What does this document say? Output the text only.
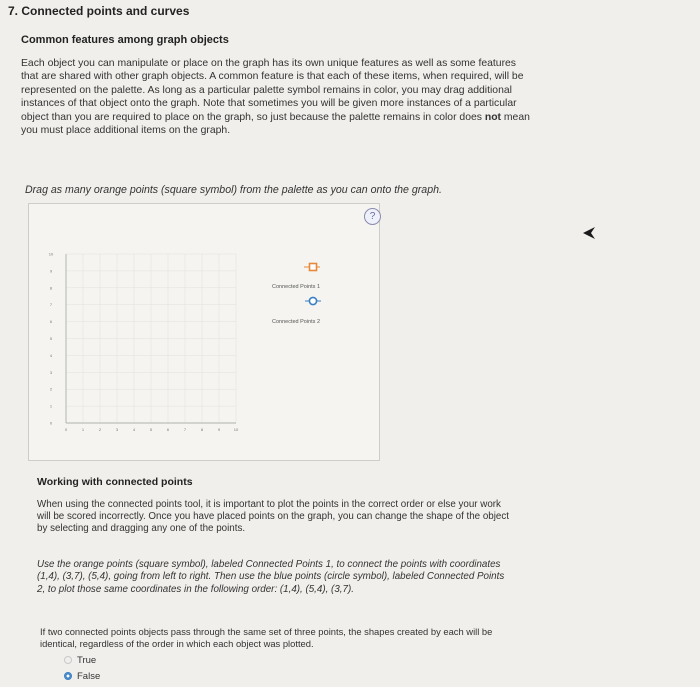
7. Connected points and curves
Common features among graph objects
Each object you can manipulate or place on the graph has its own unique features as well as some features that are shared with other graph objects. A common feature is that each of these items, when required, will be represented on the palette. As long as a particular palette symbol remains in color, you may drag additional instances of that object onto the graph. Note that sometimes you will be given more instances of a particular object than you are required to place on the graph, so just because the palette remains in color does not mean you must place additional items on the graph.
Drag as many orange points (square symbol) from the palette as you can onto the graph.
?
0
1
2
3
4
5
6
7
8
9
10
0	1	2	3	4	5	6	7	8	9	10
Connected Points 1
Connected Points 2
Working with connected points
When using the connected points tool, it is important to plot the points in the correct order or else your work will be scored incorrectly. Once you have placed points on the graph, you can change the shape of the object by selecting and dragging any one of the points.
Use the orange points (square symbol), labeled Connected Points 1, to connect the points with coordinates (1,4), (3,7), (5,4), going from left to right. Then use the blue points (circle symbol), labeled Connected Points 2, to plot those same coordinates in the following order: (1,4), (5,4), (3,7).
If two connected points objects pass through the same set of three points, the shapes created by each will be identical, regardless of the order in which each object was plotted.
True
False
